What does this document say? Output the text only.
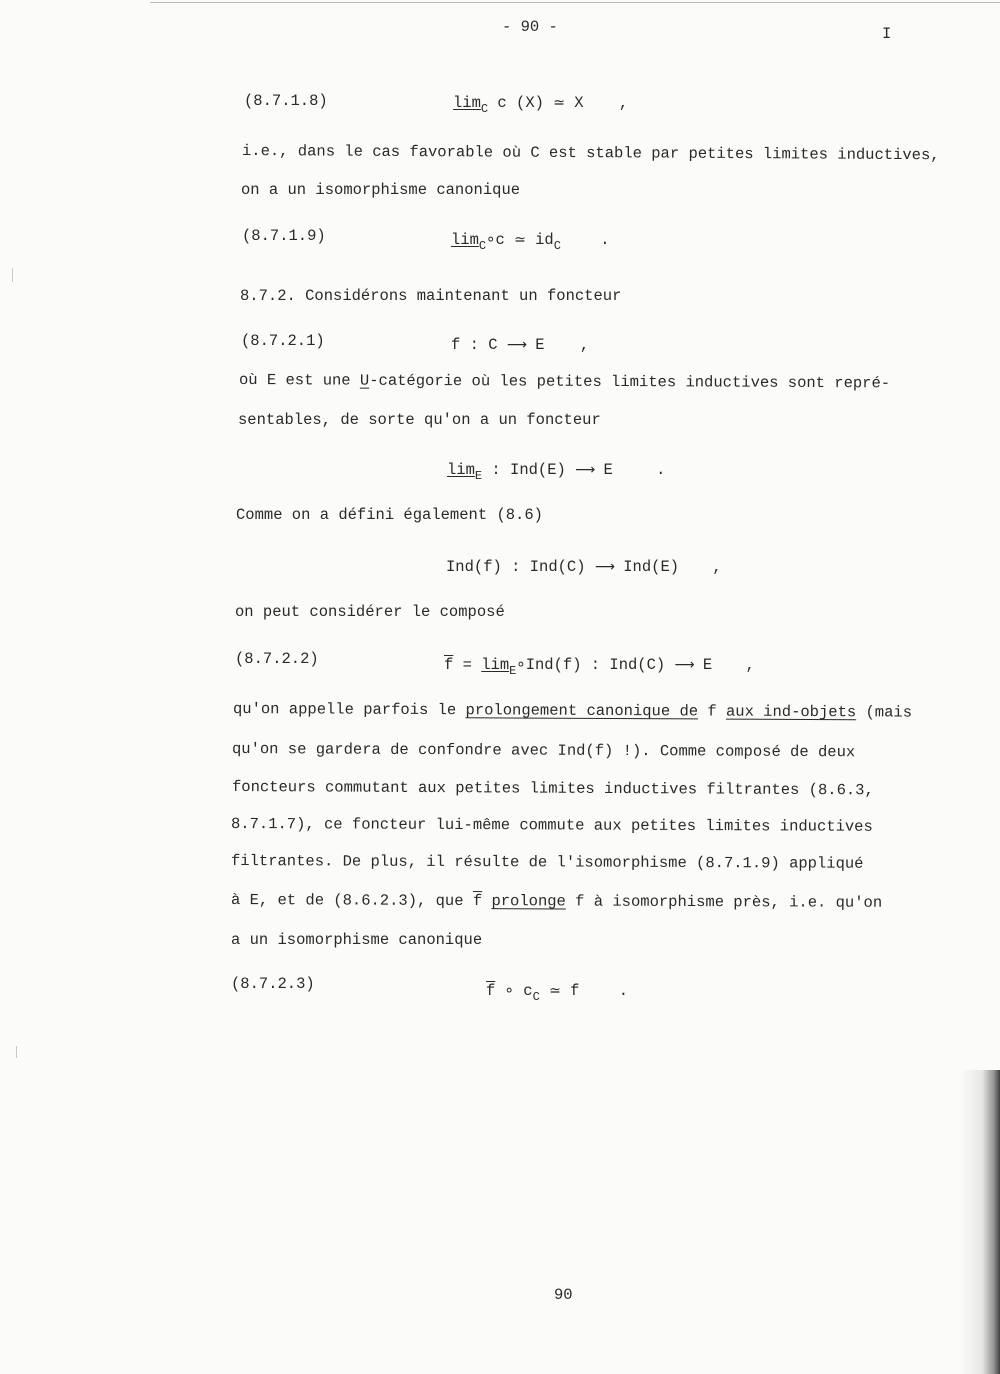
- 90 -	I
(8.7.1.8)	$\lim_C c$ (X) ≃ X ,
i.e., dans le cas favorable où C est stable par petites limites inductives,
on a un isomorphisme canonique
(8.7.1.9)	$\lim_C\circ c$ ≃ $id_C$	.
8.7.2. Considérons maintenant un foncteur
(8.7.2.1)	f : C ⟶ E ,
où E est une U-catégorie où les petites limites inductives sont repré-
sentables, de sorte qu'on a un foncteur
$\lim_E$ : Ind(E) ⟶ E	.
Comme on a défini également (8.6)
Ind(f) : Ind(C) ⟶ Ind(E) ,
on peut considérer le composé
(8.7.2.2)	$\overline{f}$ = $\lim_E\circ Ind(f)$ : Ind(C) ⟶ E ,
qu'on appelle parfois le prolongement canonique de f aux ind-objets (mais
qu'on se gardera de confondre avec Ind(f) !). Comme composé de deux
foncteurs commutant aux petites limites inductives filtrantes (8.6.3,
8.7.1.7), ce foncteur lui-même commute aux petites limites inductives
filtrantes. De plus, il résulte de l'isomorphisme (8.7.1.9) appliqué
à E, et de (8.6.2.3), que $\overline{f}$ prolonge f à isomorphisme près, i.e. qu'on
a un isomorphisme canonique
(8.7.2.3)	$\overline{f}$ ∘ $c_C$ ≃ f	.
90
